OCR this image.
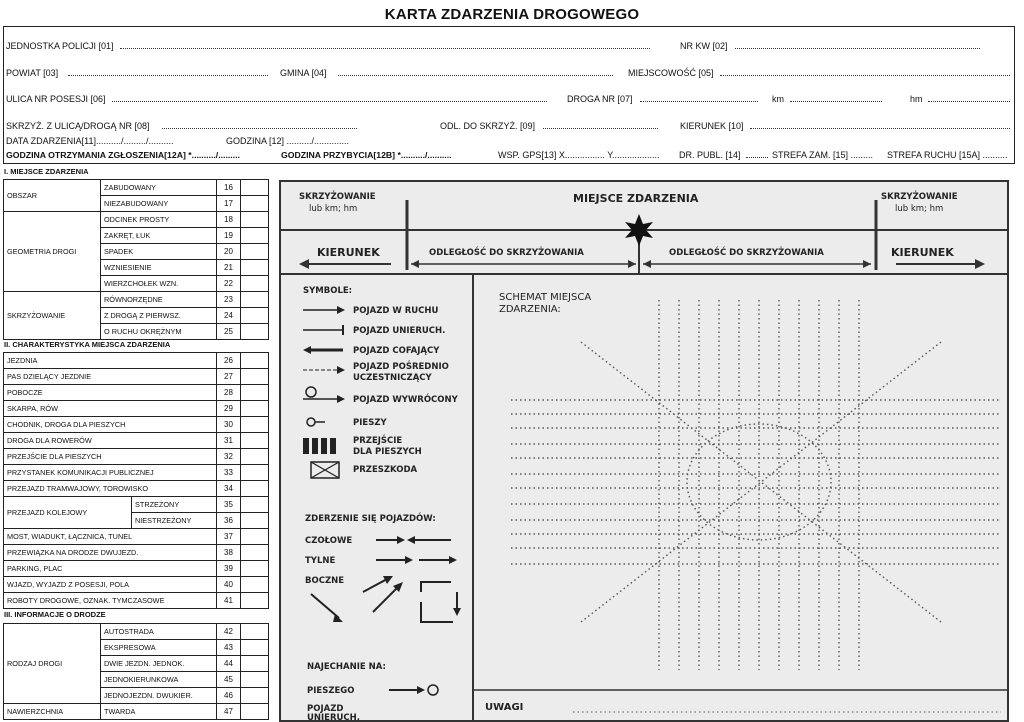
KARTA ZDARZENIA DROGOWEGO
JEDNOSTKA POLICJI [01]	NR KW [02]
POWIAT [03]	GMINA [04]	MIEJSCOWOŚĆ [05]
ULICA NR POSESJI [06]	DROGA NR [07]	km	hm
SKRZYŻ. Z ULICĄ/DROGĄ NR [08]	ODL. DO SKRZYŻ. [09]	KIERUNEK [10]
DATA ZDARZENIA[11]........../........./..........	GODZINA [12] ........../..............
GODZINA OTRZYMANIA ZGŁOSZENIA[12A] *........../.........	GODZINA PRZYBYCIA[12B] *........../..........	WSP. GPS[13] X................ Y................... DR. PUBL. [14]	STREFA ZAM. [15] ......... STREFA RUCHU [15A] ..........
I. MIEJSCE ZDARZENIA
OBSZAR	ZABUDOWANY	16	
	NIEZABUDOWANY	17	
GEOMETRIA DROGI	ODCINEK PROSTY	18	
	ZAKRĘT, ŁUK	19	
	SPADEK	20	
	WZNIESIENIE	21	
	WIERZCHOŁEK WZN.	22	
SKRZYŻOWANIE	RÓWNORZĘDNE	23	
	Z DROGĄ Z PIERWSZ.	24	
	O RUCHU OKRĘŻNYM	25	
II. CHARAKTERYSTYKA MIEJSCA ZDARZENIA
JEZDNIA		26	
PAS DZIELĄCY JEZDNIE		27	
POBOCZE		28	
SKARPA, RÓW		29	
CHODNIK, DROGA DLA PIESZYCH		30	
DROGA DLA ROWERÓW		31	
PRZEJŚCIE DLA PIESZYCH		32	
PRZYSTANEK KOMUNIKACJI PUBLICZNEJ		33	
PRZEJAZD TRAMWAJOWY, TOROWISKO		34	
PRZEJAZD KOLEJOWY	STRZEŻONY	35	
	NIESTRZEŻONY	36	
MOST, WIADUKT, ŁĄCZNICA, TUNEL		37	
PRZEWIĄZKA NA DRODZE DWUJEZD.		38	
PARKING, PLAC		39	
WJAZD, WYJAZD Z POSESJI, POLA		40	
ROBOTY DROGOWE, OZNAK. TYMCZASOWE		41	
III. INFORMACJE O DRODZE
RODZAJ DROGI	AUTOSTRADA	42	
	EKSPRESOWA	43	
	DWIE JEZDN. JEDNOK.	44	
	JEDNOKIERUNKOWA	45	
	JEDNOJEZDN. DWUKIER.	46	
NAWIERZCHNIA	TWARDA	47	
SKRZYŻOWANIE
lub km; hm
MIEJSCE ZDARZENIA	SKRZYŻOWANIE
lub km; hm
KIERUNEK	ODLEGŁOŚĆ DO SKRZYŻOWANIA	ODLEGŁOŚĆ DO SKRZYŻOWANIA	KIERUNEK
SYMBOLE:
POJAZD W RUCHU
POJAZD UNIERUCH.
POJAZD COFAJĄCY
POJAZD POŚREDNIO
UCZESTNICZĄCY
POJAZD WYWRÓCONY
PIESZY
PRZEJŚCIE
DLA PIESZYCH
PRZESZKODA
ZDERZENIE SIĘ POJAZDÓW:
CZOŁOWE
TYLNE
BOCZNE
NAJECHANIE NA:
PIESZEGO
POJAZD
UNIERUCH.
SCHEMAT MIEJSCA
ZDARZENIA:
UWAGI
